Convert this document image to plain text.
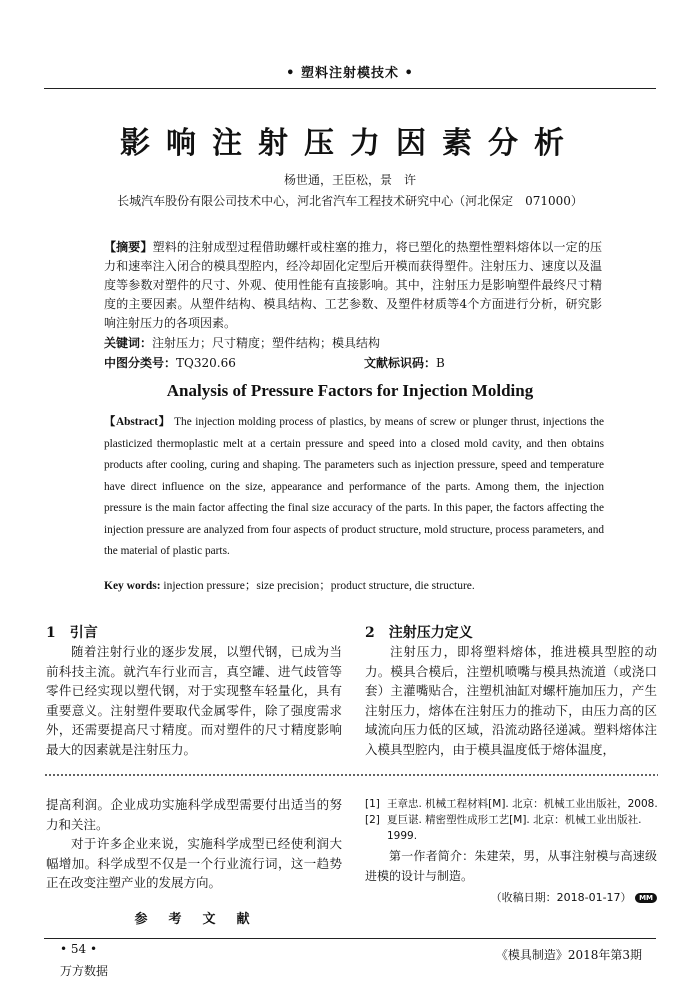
• 塑料注射模技术 •
影响注射压力因素分析
杨世通，王臣松，景　许
长城汽车股份有限公司技术中心，河北省汽车工程技术研究中心（河北保定　071000）
【摘要】塑料的注射成型过程借助螺杆或柱塞的推力，将已塑化的热塑性塑料熔体以一定的压力和速率注入闭合的模具型腔内，经冷却固化定型后开模而获得塑件。注射压力、速度以及温度等参数对塑件的尺寸、外观、使用性能有直接影响。其中，注射压力是影响塑件最终尺寸精度的主要因素。从塑件结构、模具结构、工艺参数、及塑件材质等4个方面进行分析，研究影响注射压力的各项因素。
关键词：注射压力；尺寸精度；塑件结构；模具结构
中图分类号：TQ320.66	文献标识码：B
Analysis of Pressure Factors for Injection Molding
【Abstract】 The injection molding process of plastics, by means of screw or plunger thrust, injections the plasticized thermoplastic melt at a certain pressure and speed into a closed mold cavity, and then obtains products after cooling, curing and shaping. The parameters such as injection pressure, speed and temperature have direct influence on the size, appearance and performance of the parts. Among them, the injection pressure is the main factor affecting the final size accuracy of the parts. In this paper, the factors affecting the injection pressure are analyzed from four aspects of product structure, mold structure, process parameters, and the material of plastic parts.
Key words: injection pressure；size precision；product structure, die structure.
1　引言
随着注射行业的逐步发展，以塑代钢，已成为当前科技主流。就汽车行业而言，真空罐、进气歧管等零件已经实现以塑代钢，对于实现整车轻量化，具有重要意义。注射塑件要取代金属零件，除了强度需求外，还需要提高尺寸精度。而对塑件的尺寸精度影响最大的因素就是注射压力。
2　注射压力定义
注射压力，即将塑料熔体，推进模具型腔的动力。模具合模后，注塑机喷嘴与模具热流道（或浇口套）主灌嘴贴合，注塑机油缸对螺杆施加压力，产生注射压力，熔体在注射压力的推动下，由压力高的区域流向压力低的区域，沿流动路径递减。塑料熔体注入模具型腔内，由于模具温度低于熔体温度，
提高利润。企业成功实施科学成型需要付出适当的努力和关注。
对于许多企业来说，实施科学成型已经使利润大幅增加。科学成型不仅是一个行业流行词，这一趋势正在改变注塑产业的发展方向。
参　考　文　献
[1] 王章忠. 机械工程材料[M]. 北京：机械工业出版社，2008.
[2] 夏巨谌. 精密塑性成形工艺[M]. 北京：机械工业出版社. 1999.
第一作者简介：朱建荣，男，从事注射模与高速级进模的设计与制造。
（收稿日期：2018-01-17） MM
• 54 •
万方数据
《模具制造》2018年第3期
